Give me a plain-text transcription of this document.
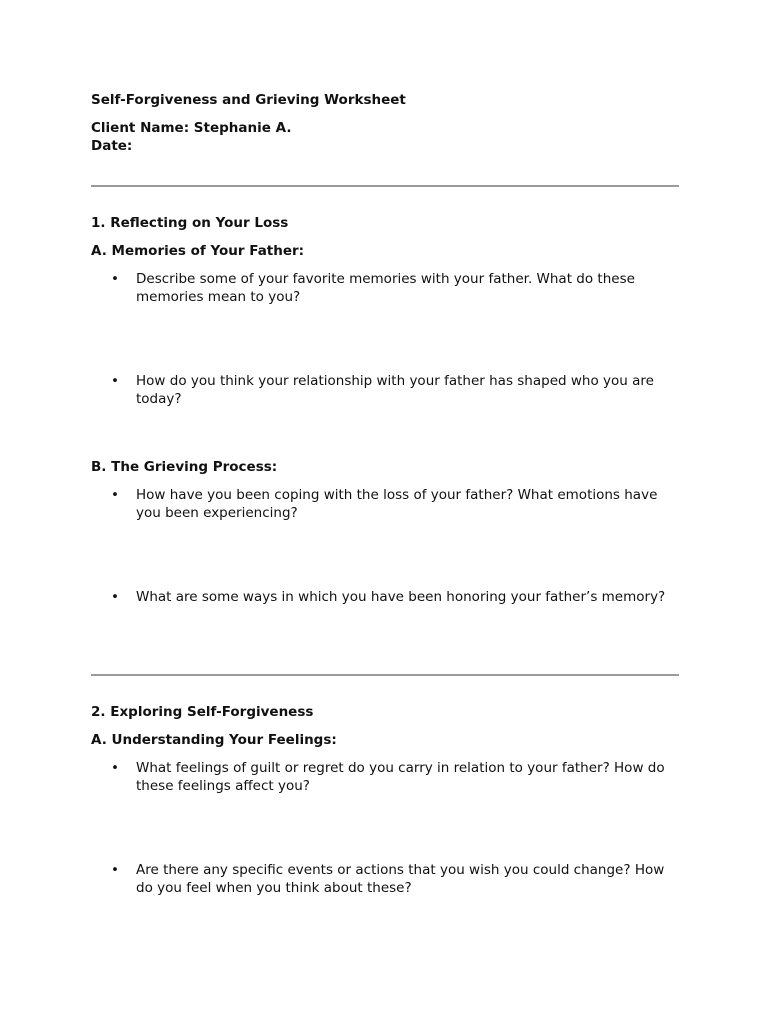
Self-Forgiveness and Grieving Worksheet
Client Name: Stephanie A.
Date:
1. Reflecting on Your Loss
A. Memories of Your Father:
• Describe some of your favorite memories with your father. What do these memories mean to you?
• How do you think your relationship with your father has shaped who you are today?
B. The Grieving Process:
• How have you been coping with the loss of your father? What emotions have you been experiencing?
• What are some ways in which you have been honoring your father’s memory?
2. Exploring Self-Forgiveness
A. Understanding Your Feelings:
• What feelings of guilt or regret do you carry in relation to your father? How do these feelings affect you?
• Are there any specific events or actions that you wish you could change? How do you feel when you think about these?
